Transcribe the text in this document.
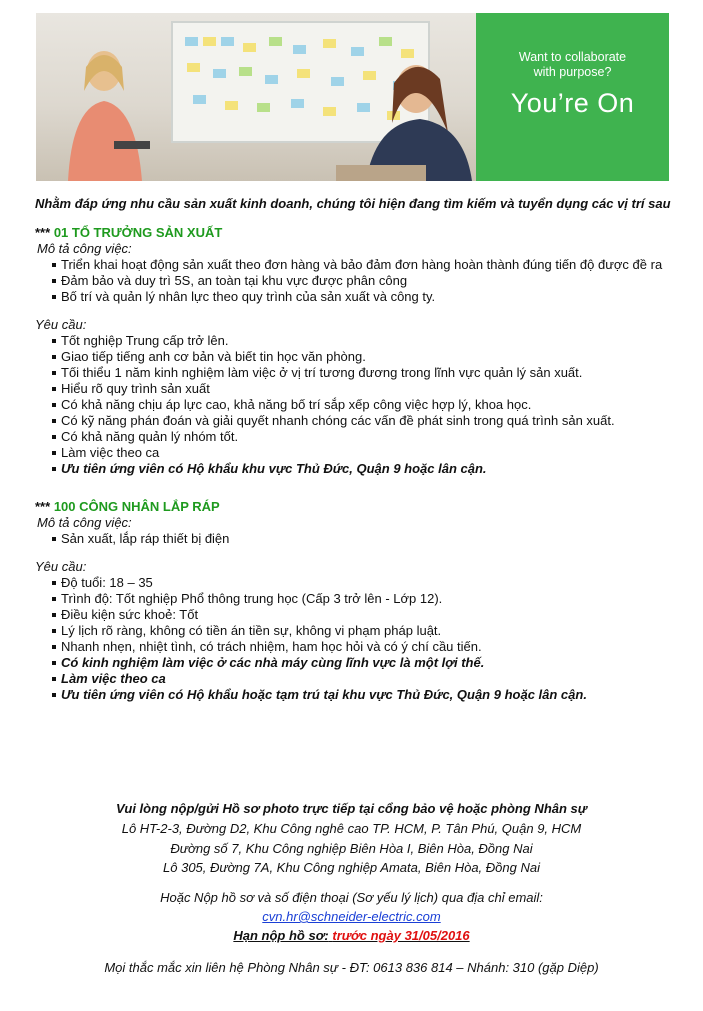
Want to collaborate
with purpose?
You’re On

Nhằm đáp ứng nhu cầu sản xuất kinh doanh, chúng tôi hiện đang tìm kiếm và tuyển dụng các vị trí sau

*** 01 TỔ TRƯỞNG SẢN XUẤT
Mô tả công việc:
Triển khai hoạt động sản xuất theo đơn hàng và bảo đảm đơn hàng hoàn thành đúng tiến độ được đề ra
Đảm bảo và duy trì 5S, an toàn tại khu vực được phân công
Bố trí và quản lý nhân lực theo quy trình của sản xuất và công ty.
Yêu cầu:
Tốt nghiệp Trung cấp trở lên.
Giao tiếp tiếng anh cơ bản và biết tin học văn phòng.
Tối thiểu 1 năm kinh nghiệm làm việc ở vị trí tương đương trong lĩnh vực quản lý sản xuất.
Hiểu rõ quy trình sản xuất
Có khả năng chịu áp lực cao, khả năng bố trí sắp xếp công việc hợp lý, khoa học.
Có kỹ năng phán đoán và giải quyết nhanh chóng các vấn đề phát sinh trong quá trình sản xuất.
Có khả năng quản lý nhóm tốt.
Làm việc theo ca
Ưu tiên ứng viên có Hộ khẩu khu vực Thủ Đức, Quận 9 hoặc lân cận.
*** 100 CÔNG NHÂN LẮP RÁP
Mô tả công việc:
Sản xuất, lắp ráp thiết bị điện
Yêu cầu:
Độ tuổi: 18 – 35
Trình độ: Tốt nghiệp Phổ thông trung học (Cấp 3 trở lên - Lớp 12).
Điều kiện sức khoẻ: Tốt
Lý lịch rõ ràng, không có tiền án tiền sự, không vi phạm pháp luật.
Nhanh nhẹn, nhiệt tình, có trách nhiệm, ham học hỏi và có ý chí cầu tiến.
Có kinh nghiệm làm việc ở các nhà máy cùng lĩnh vực là một lợi thế.
Làm việc theo ca
Ưu tiên ứng viên có Hộ khẩu hoặc tạm trú tại khu vực Thủ Đức, Quận 9 hoặc lân cận.
Vui lòng nộp/gửi Hồ sơ photo trực tiếp tại cổng bảo vệ hoặc phòng Nhân sự
Lô HT-2-3, Đường D2, Khu Công nghê cao TP. HCM, P. Tân Phú, Quận 9, HCM
Đường số 7, Khu Công nghiệp Biên Hòa I, Biên Hòa, Đồng Nai
Lô 305, Đường 7A, Khu Công nghiệp Amata, Biên Hòa, Đồng Nai
Hoặc Nộp hồ sơ và số điện thoại (Sơ yếu lý lịch) qua địa chỉ email:
cvn.hr@schneider-electric.com
Hạn nộp hồ sơ: trước ngày 31/05/2016
Mọi thắc mắc xin liên hệ Phòng Nhân sự - ĐT: 0613 836 814 – Nhánh: 310 (gặp Diệp)
